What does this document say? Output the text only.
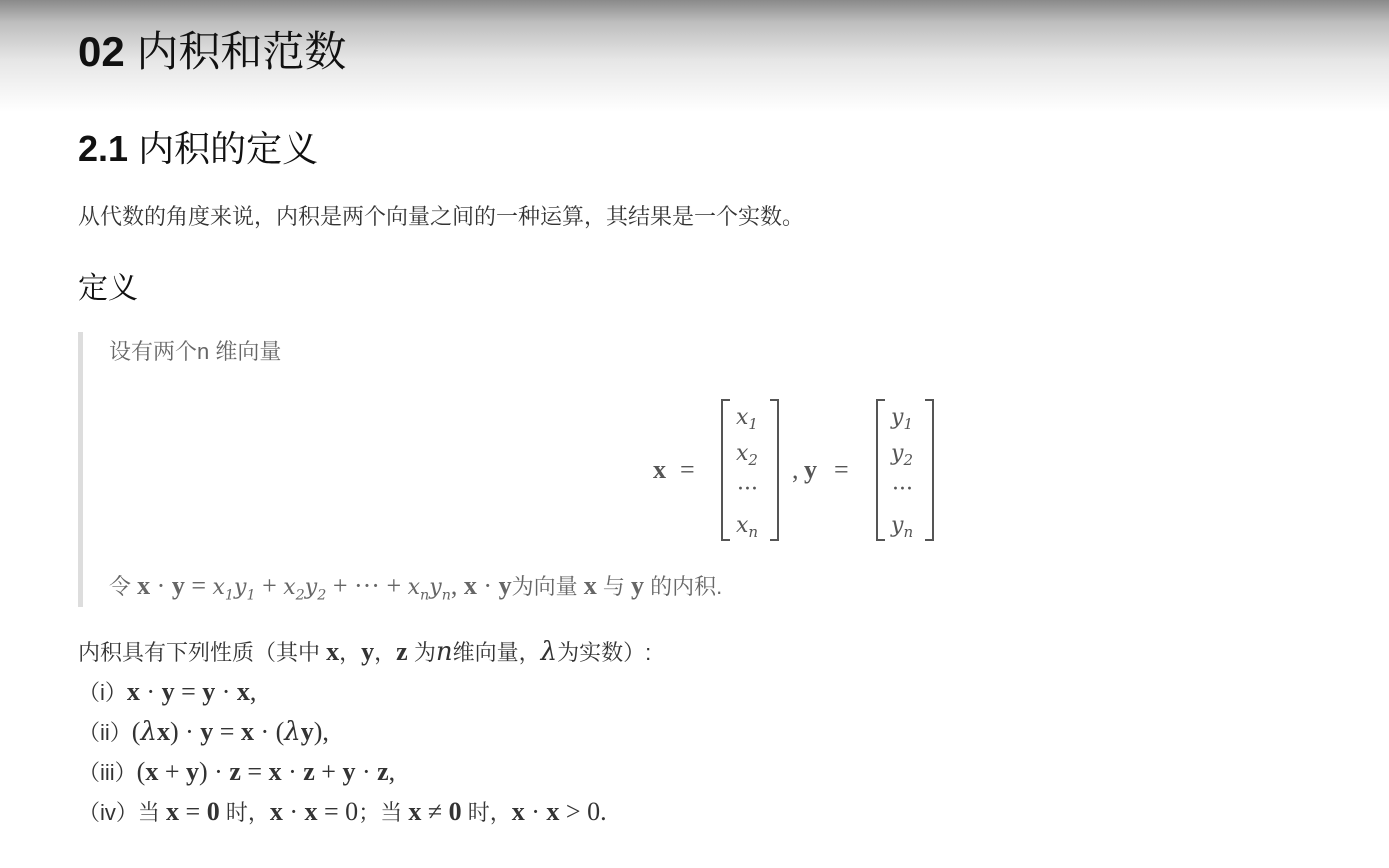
02 内积和范数
2.1 内积的定义
从代数的角度来说，内积是两个向量之间的一种运算，其结果是一个实数。
定义
设有两个n 维向量
x =
$x_1$
$x_2$
···
$x_n$
, y =
$y_1$
$y_2$
···
$y_n$
令 $x \cdot y = x_1y_1 + x_2y_2$ + ··· + $x_ny_n$, x · y为向量 x 与 y 的内积.
内积具有下列性质（其中 x，y，z 为n维向量，λ为实数）:
（i）x · y = y · x,
（ii）(λx) · y = x · (λy),
（iii）(x + y) · z = x · z + y · z,
（iv）当 x = 0 时，x · x = 0；当 x ≠ 0 时，x · x > 0.
